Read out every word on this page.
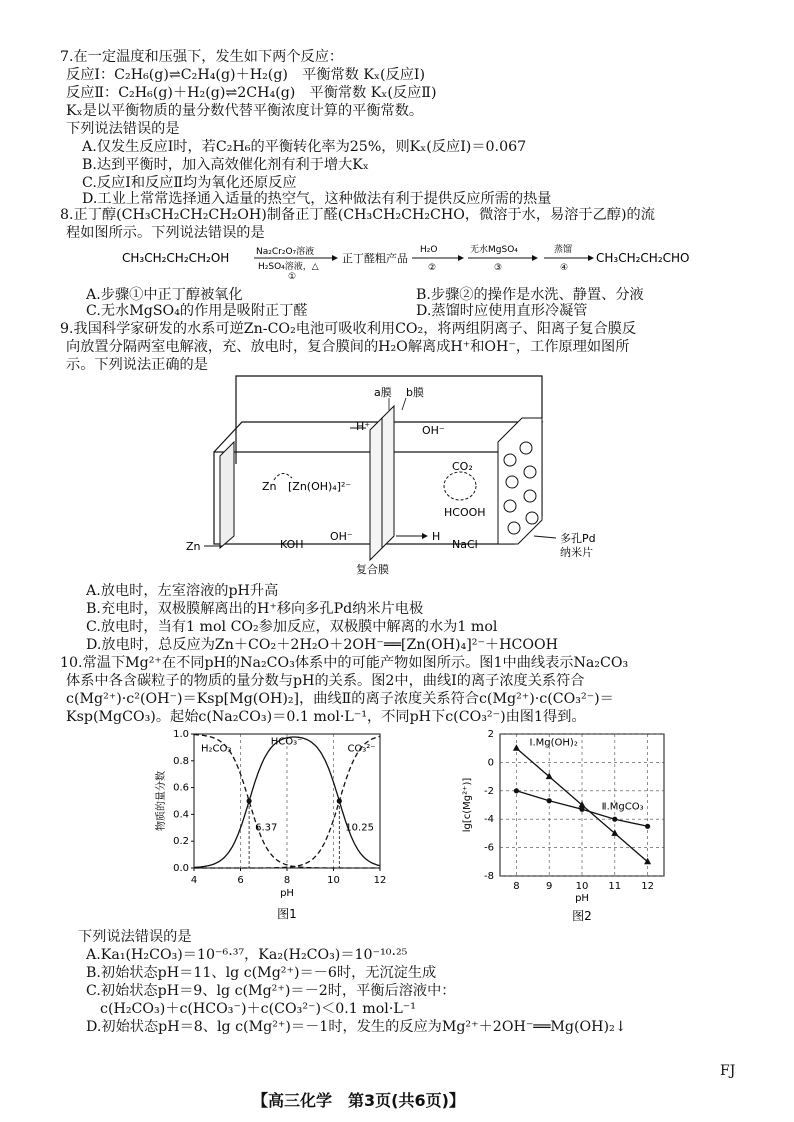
7.在一定温度和压强下，发生如下两个反应：
反应Ⅰ：C₂H₆(g)⇌C₂H₄(g)＋H₂(g)　平衡常数 Kₓ(反应Ⅰ)
反应Ⅱ：C₂H₆(g)＋H₂(g)⇌2CH₄(g)　平衡常数 Kₓ(反应Ⅱ)
Kₓ是以平衡物质的量分数代替平衡浓度计算的平衡常数。
下列说法错误的是
A.仅发生反应Ⅰ时，若C₂H₆的平衡转化率为25%，则Kₓ(反应Ⅰ)＝0.067
B.达到平衡时，加入高效催化剂有利于增大Kₓ
C.反应Ⅰ和反应Ⅱ均为氧化还原反应
D.工业上常常选择通入适量的热空气，这种做法有利于提供反应所需的热量
8.正丁醇(CH₃CH₂CH₂CH₂OH)制备正丁醛(CH₃CH₂CH₂CHO，微溶于水，易溶于乙醇)的流
程如图所示。下列说法错误的是
CH₃CH₂CH₂CH₂OH	Na₂Cr₂O₇溶液
H₂SO₄溶液，△
①
正丁醛粗产品
H₂O
②
无水MgSO₄
③
蒸馏
④
CH₃CH₂CH₂CHO
A.步骤①中正丁醇被氧化	B.步骤②的操作是水洗、静置、分液
C.无水MgSO₄的作用是吸附正丁醛	D.蒸馏时应使用直形冷凝管
9.我国科学家研发的水系可逆Zn-CO₂电池可吸收利用CO₂，将两组阴离子、阳离子复合膜反
向放置分隔两室电解液，充、放电时，复合膜间的H₂O解离成H⁺和OH⁻，工作原理如图所
示。下列说法正确的是
a膜 b膜
H⁺	OH⁻
Zn [Zn(OH)₄]²⁻
CO₂
HCOOH
Zn	KOH
OH⁻	H
NaCl	多孔Pd
纳米片
复合膜
A.放电时，左室溶液的pH升高
B.充电时，双极膜解离出的H⁺移向多孔Pd纳米片电极
C.放电时，当有1 mol CO₂参加反应，双极膜中解离的水为1 mol
D.放电时，总反应为Zn＋CO₂＋2H₂O＋2OH⁻══[Zn(OH)₄]²⁻＋HCOOH
10.常温下Mg²⁺在不同pH的Na₂CO₃体系中的可能产物如图所示。图1中曲线表示Na₂CO₃
体系中各含碳粒子的物质的量分数与pH的关系。图2中，曲线Ⅰ的离子浓度关系符合
c(Mg²⁺)·c²(OH⁻)＝Ksp[Mg(OH)₂]，曲线Ⅱ的离子浓度关系符合c(Mg²⁺)·c(CO₃²⁻)＝
Ksp(MgCO₃)。起始c(Na₂CO₃)＝0.1 mol·L⁻¹，不同pH下c(CO₃²⁻)由图1得到。
4	6	8	10	12
0.0
0.2
0.4
0.6
0.8
1.0
pH
物质的量分数
图1
H₂CO₃
HCO₃⁻
CO₃²⁻
6.37	10.25
8	9 10 11 12
2
0
-2
-4
-6
-8
pH
lg[c(Mg²⁺)]
图2
Ⅰ.Mg(OH)₂
Ⅱ.MgCO₃
下列说法错误的是
A.Ka₁(H₂CO₃)＝10⁻⁶·³⁷，Ka₂(H₂CO₃)＝10⁻¹⁰·²⁵
B.初始状态pH＝11、lg c(Mg²⁺)＝－6时，无沉淀生成
C.初始状态pH＝9、lg c(Mg²⁺)＝－2时，平衡后溶液中：
c(H₂CO₃)＋c(HCO₃⁻)＋c(CO₃²⁻)＜0.1 mol·L⁻¹
D.初始状态pH＝8、lg c(Mg²⁺)＝－1时，发生的反应为Mg²⁺＋2OH⁻══Mg(OH)₂↓
FJ
【高三化学　第3页(共6页)】
